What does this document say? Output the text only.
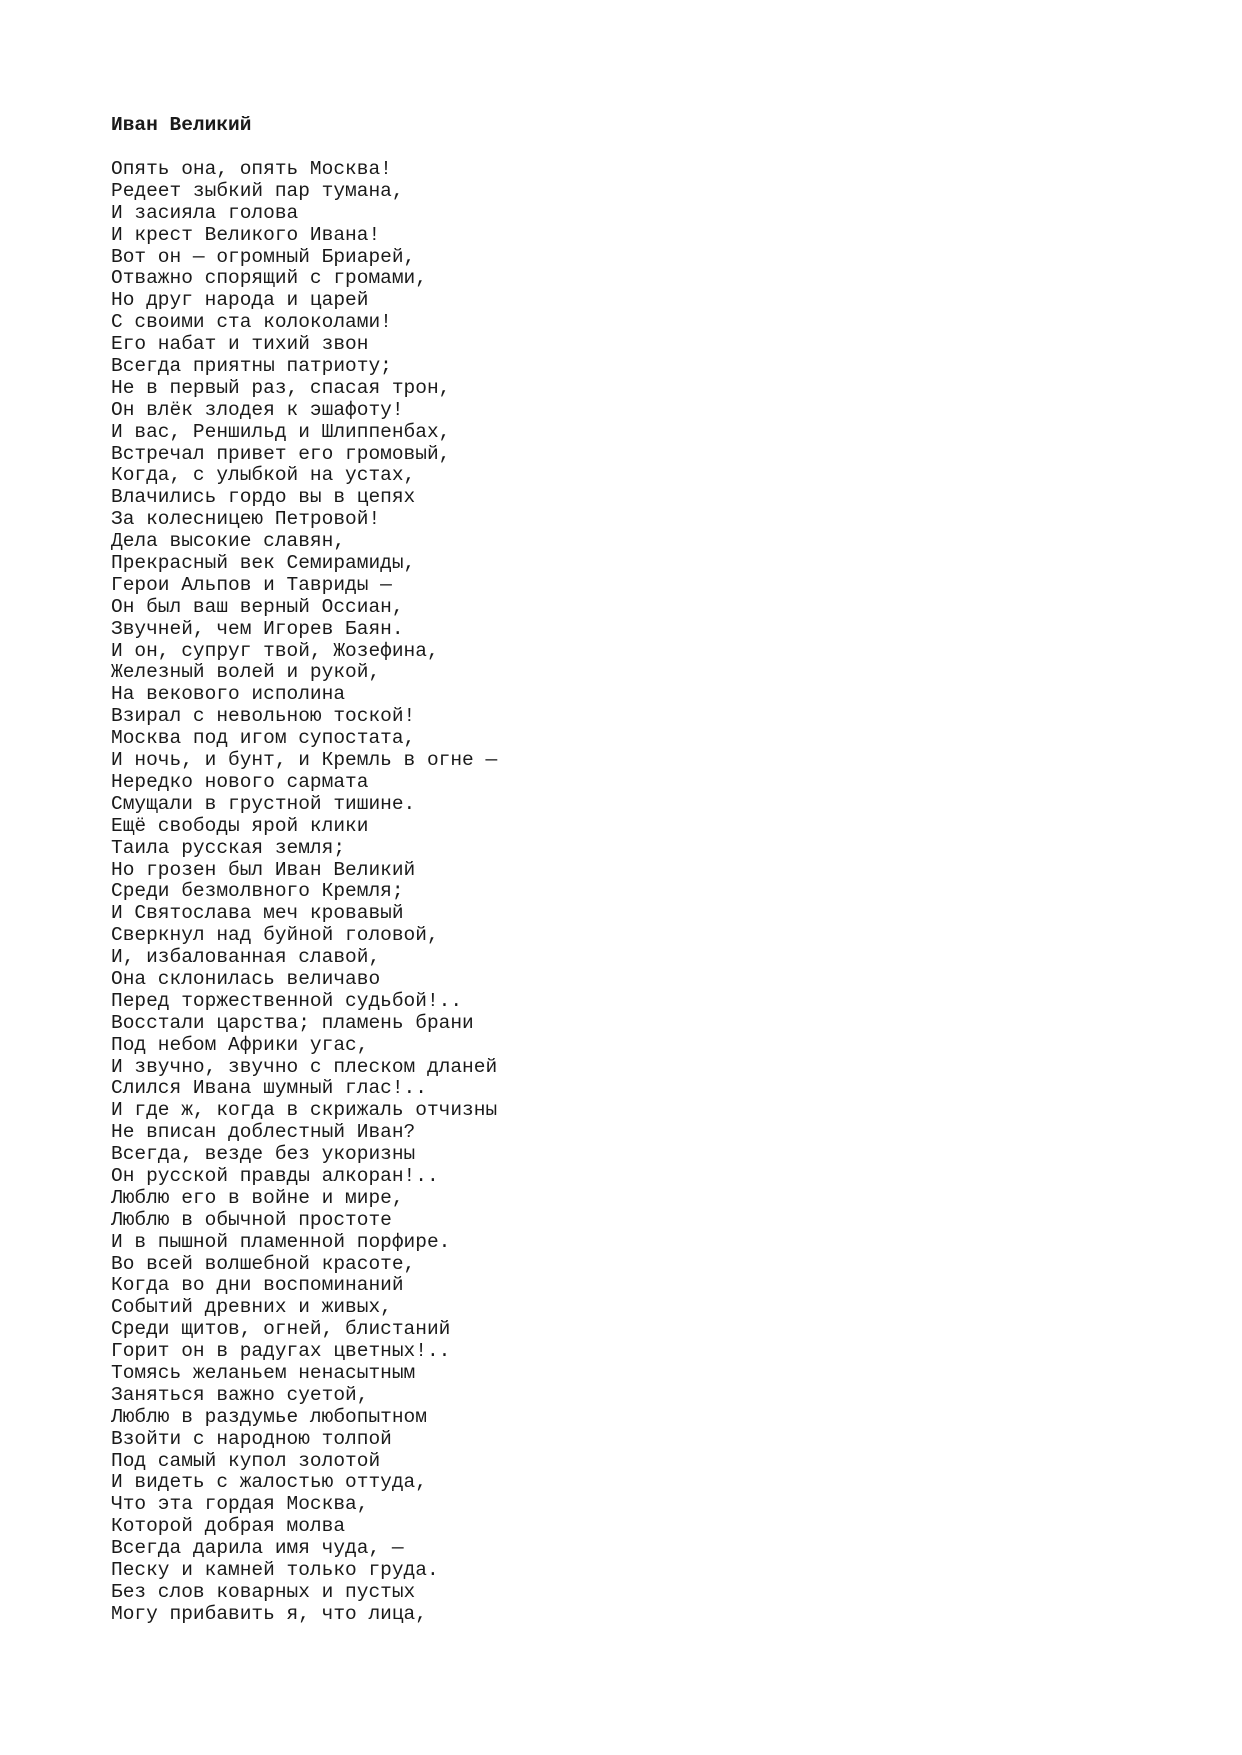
Иван Великий
Опять она, опять Москва!
Редеет зыбкий пар тумана,
И засияла голова
И крест Великого Ивана!
Вот он — огромный Бриарей,
Отважно спорящий с громами,
Но друг народа и царей
С своими ста колоколами!
Его набат и тихий звон
Всегда приятны патриоту;
Не в первый раз, спасая трон,
Он влёк злодея к эшафоту!
И вас, Реншильд и Шлиппенбах,
Встречал привет его громовый,
Когда, с улыбкой на устах,
Влачились гордо вы в цепях
За колесницею Петровой!
Дела высокие славян,
Прекрасный век Семирамиды,
Герои Альпов и Тавриды —
Он был ваш верный Оссиан,
Звучней, чем Игорев Баян.
И он, супруг твой, Жозефина,
Железный волей и рукой,
На векового исполина
Взирал с невольною тоской!
Москва под игом супостата,
И ночь, и бунт, и Кремль в огне —
Нередко нового сармата
Смущали в грустной тишине.
Ещё свободы ярой клики
Таила русская земля;
Но грозен был Иван Великий
Среди безмолвного Кремля;
И Святослава меч кровавый
Сверкнул над буйной головой,
И, избалованная славой,
Она склонилась величаво
Перед торжественной судьбой!..
Восстали царства; пламень брани
Под небом Африки угас,
И звучно, звучно с плеском дланей
Слился Ивана шумный глас!..
И где ж, когда в скрижаль отчизны
Не вписан доблестный Иван?
Всегда, везде без укоризны
Он русской правды алкоран!..
Люблю его в войне и мире,
Люблю в обычной простоте
И в пышной пламенной порфире.
Во всей волшебной красоте,
Когда во дни воспоминаний
Событий древних и живых,
Среди щитов, огней, блистаний
Горит он в радугах цветных!..
Томясь желаньем ненасытным
Заняться важно суетой,
Люблю в раздумье любопытном
Взойти с народною толпой
Под самый купол золотой
И видеть с жалостью оттуда,
Что эта гордая Москва,
Которой добрая молва
Всегда дарила имя чуда, —
Песку и камней только груда.
Без слов коварных и пустых
Могу прибавить я, что лица,
